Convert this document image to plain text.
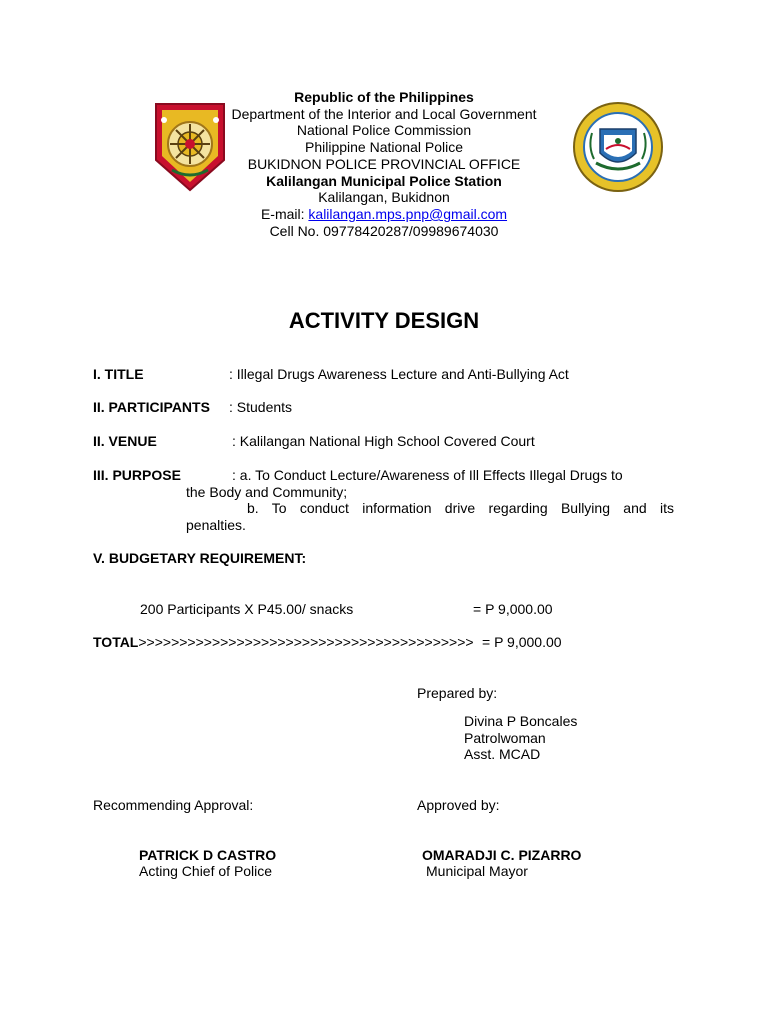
Republic of the Philippines
Department of the Interior and Local Government
National Police Commission
Philippine National Police
BUKIDNON POLICE PROVINCIAL OFFICE
Kalilangan Municipal Police Station
Kalilangan, Bukidnon
E-mail: kalilangan.mps.pnp@gmail.com
Cell No. 09778420287/09989674030
ACTIVITY DESIGN
I. TITLE	: Illegal Drugs Awareness Lecture and Anti-Bullying Act
II. PARTICIPANTS : Students
II. VENUE	: Kalilangan National High School Covered Court
III. PURPOSE	: a. To Conduct Lecture/Awareness of Ill Effects Illegal Drugs to
the Body and Community;
b. To conduct information drive regarding Bullying and its
penalties.
V. BUDGETARY REQUIREMENT:
200 Participants X P45.00/ snacks	= P 9,000.00
TOTAL>>>>>>>>>>>>>>>>>>>>>>>>>>>>>>>>>>>>>>>>> = P 9,000.00
Prepared by:
Divina P Boncales
Patrolwoman
Asst. MCAD
Recommending Approval:	Approved by:
PATRICK D CASTRO
Acting Chief of Police
OMARADJI C. PIZARRO
Municipal Mayor
